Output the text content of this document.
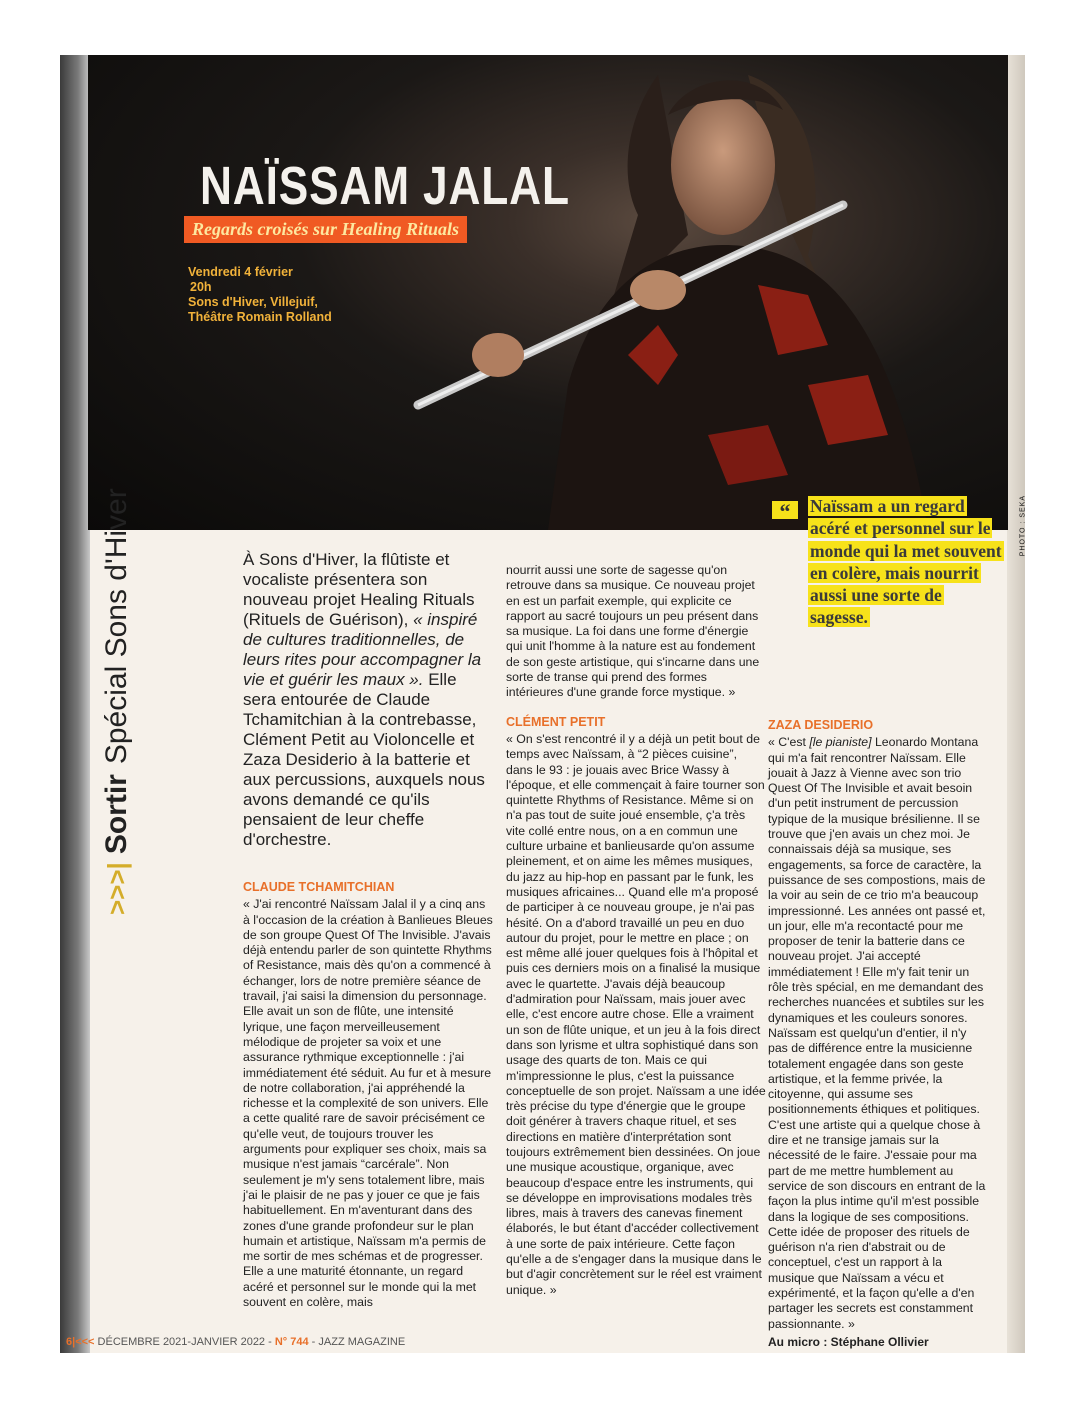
NAÏSSAM JALAL
Regards croisés sur Healing Rituals
Vendredi 4 février
20h
Sons d'Hiver, Villejuif,
Théâtre Romain Rolland
PHOTO : SEKA
“	Naïssam a un regard acéré et personnel sur le monde qui la met souvent en colère, mais nourrit aussi une sorte de sagesse.
>>>|SortirSpécial Sons d'Hiver	À Sons d'Hiver, la flûtiste et vocaliste présentera son nouveau projet Healing Rituals (Rituels de Guérison), « inspiré de cultures traditionnelles, de leurs rites pour accompagner la vie et guérir les maux ». Elle sera entourée de Claude Tchamitchian à la contrebasse, Clément Petit au Violoncelle et Zaza Desiderio à la batterie et aux percussions, auxquels nous avons demandé ce qu'ils pensaient de leur cheffe d'orchestre.
CLAUDE TCHAMITCHIAN

« J'ai rencontré Naïssam Jalal il y a cinq ans à l'occasion de la création à Banlieues Bleues de son groupe Quest Of The Invisible. J'avais déjà entendu parler de son quintette Rhythms of Resistance, mais dès qu'on a commencé à échanger, lors de notre première séance de travail, j'ai saisi la dimension du personnage. Elle avait un son de flûte, une intensité lyrique, une façon merveilleusement mélodique de projeter sa voix et une assurance rythmique exceptionnelle : j'ai immédiatement été séduit. Au fur et à mesure de notre collaboration, j'ai appréhendé la richesse et la complexité de son univers. Elle a cette qualité rare de savoir précisément ce qu'elle veut, de toujours trouver les arguments pour expliquer ses choix, mais sa musique n'est jamais “carcérale”. Non seulement je m'y sens totalement libre, mais j'ai le plaisir de ne pas y jouer ce que je fais habituellement. En m'aventurant dans des zones d'une grande profondeur sur le plan humain et artistique, Naïssam m'a permis de me sortir de mes schémas et de progresser. Elle a une maturité étonnante, un regard acéré et personnel sur le monde qui la met souvent en colère, mais

nourrit aussi une sorte de sagesse qu'on retrouve dans sa musique. Ce nouveau projet en est un parfait exemple, qui explicite ce rapport au sacré toujours un peu présent dans sa musique. La foi dans une forme d'énergie qui unit l'homme à la nature est au fondement de son geste artistique, qui s'incarne dans une sorte de transe qui prend des formes intérieures d'une grande force mystique. »

CLÉMENT PETIT

« On s'est rencontré il y a déjà un petit bout de temps avec Naïssam, à “2 pièces cuisine”, dans le 93 : je jouais avec Brice Wassy à l'époque, et elle commençait à faire tourner son quintette Rhythms of Resistance. Même si on n'a pas tout de suite joué ensemble, ç'a très vite collé entre nous, on a en commun une culture urbaine et banlieusarde qu'on assume pleinement, et on aime les mêmes musiques, du jazz au hip-hop en passant par le funk, les musiques africaines... Quand elle m'a proposé de participer à ce nouveau groupe, je n'ai pas hésité. On a d'abord travaillé un peu en duo autour du projet, pour le mettre en place ; on est même allé jouer quelques fois à l'hôpital et puis ces derniers mois on a finalisé la musique avec le quartette. J'avais déjà beaucoup d'admiration pour Naïssam, mais jouer avec elle, c'est encore autre chose. Elle a vraiment un son de flûte unique, et un jeu à la fois direct dans son lyrisme et ultra sophistiqué dans son usage des quarts de ton. Mais ce qui m'impressionne le plus, c'est la puissance conceptuelle de son projet. Naïssam a une idée très précise du type d'énergie que le groupe doit générer à travers chaque rituel, et ses directions en matière d'interprétation sont toujours extrêmement bien dessinées. On joue une musique acoustique, organique, avec beaucoup d'espace entre les instruments, qui se développe en improvisations modales très libres, mais à travers des canevas finement élaborés, le but étant d'accéder collectivement à une sorte de paix intérieure. Cette façon qu'elle a de s'engager dans la musique dans le but d'agir concrètement sur le réel est vraiment unique. »

ZAZA DESIDERIO

« C'est [le pianiste] Leonardo Montana qui m'a fait rencontrer Naïssam. Elle jouait à Jazz à Vienne avec son trio Quest Of The Invisible et avait besoin d'un petit instrument de percussion typique de la musique brésilienne. Il se trouve que j'en avais un chez moi. Je connaissais déjà sa musique, ses engagements, sa force de caractère, la puissance de ses compostions, mais de la voir au sein de ce trio m'a beaucoup impressionné. Les années ont passé et, un jour, elle m'a recontacté pour me proposer de tenir la batterie dans ce nouveau projet. J'ai accepté immédiatement ! Elle m'y fait tenir un rôle très spécial, en me demandant des recherches nuancées et subtiles sur les dynamiques et les couleurs sonores. Naïssam est quelqu'un d'entier, il n'y pas de différence entre la musicienne totalement engagée dans son geste artistique, et la femme privée, la citoyenne, qui assume ses positionnements éthiques et politiques. C'est une artiste qui a quelque chose à dire et ne transige jamais sur la nécessité de le faire. J'essaie pour ma part de me mettre humblement au service de son discours en entrant de la façon la plus intime qu'il m'est possible dans la logique de ses compositions. Cette idée de proposer des rituels de guérison n'a rien d'abstrait ou de conceptuel, c'est un rapport à la musique que Naïssam a vécu et expérimenté, et la façon qu'elle a d'en partager les secrets est constamment passionnante. »

Au micro : Stéphane Ollivier
6|<<< DÉCEMBRE 2021-JANVIER 2022 - N° 744 - JAZZ MAGAZINE
